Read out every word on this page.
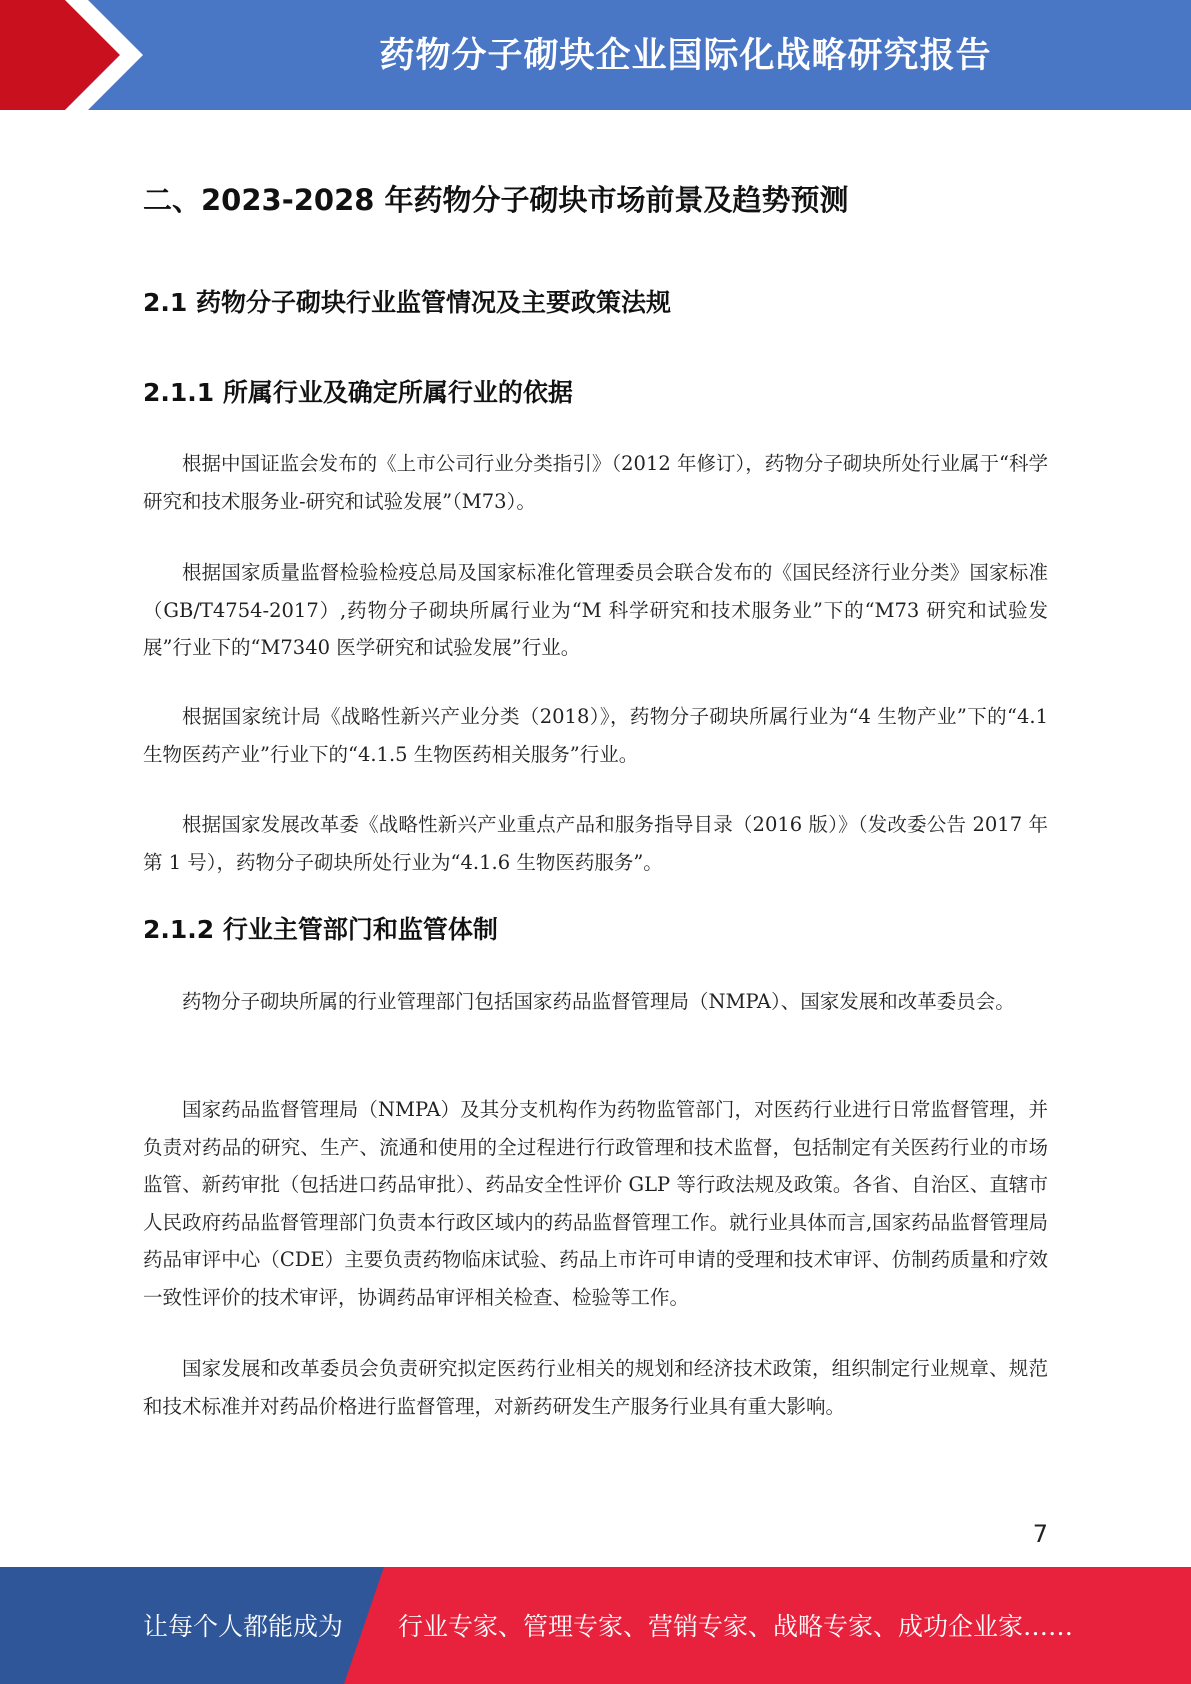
药物分子砌块企业国际化战略研究报告
二、2023-2028 年药物分子砌块市场前景及趋势预测
2.1 药物分子砌块行业监管情况及主要政策法规
2.1.1 所属行业及确定所属行业的依据
根据中国证监会发布的《上市公司行业分类指引》（2012 年修订），药物分子砌块所处行业属于“科学研究和技术服务业-研究和试验发展”（M73）。
根据国家质量监督检验检疫总局及国家标准化管理委员会联合发布的《国民经济行业分类》国家标准（GB/T4754-2017）,药物分子砌块所属行业为“M 科学研究和技术服务业”下的“M73 研究和试验发展”行业下的“M7340 医学研究和试验发展”行业。
根据国家统计局《战略性新兴产业分类（2018）》，药物分子砌块所属行业为“4 生物产业”下的“4.1 生物医药产业”行业下的“4.1.5 生物医药相关服务”行业。
根据国家发展改革委《战略性新兴产业重点产品和服务指导目录（2016 版）》（发改委公告 2017 年第 1 号），药物分子砌块所处行业为“4.1.6 生物医药服务”。
2.1.2 行业主管部门和监管体制
药物分子砌块所属的行业管理部门包括国家药品监督管理局（NMPA）、国家发展和改革委员会。
国家药品监督管理局（NMPA）及其分支机构作为药物监管部门，对医药行业进行日常监督管理，并负责对药品的研究、生产、流通和使用的全过程进行行政管理和技术监督，包括制定有关医药行业的市场监管、新药审批（包括进口药品审批）、药品安全性评价 GLP 等行政法规及政策。各省、自治区、直辖市人民政府药品监督管理部门负责本行政区域内的药品监督管理工作。就行业具体而言,国家药品监督管理局药品审评中心（CDE）主要负责药物临床试验、药品上市许可申请的受理和技术审评、仿制药质量和疗效一致性评价的技术审评，协调药品审评相关检查、检验等工作。
国家发展和改革委员会负责研究拟定医药行业相关的规划和经济技术政策，组织制定行业规章、规范和技术标准并对药品价格进行监督管理，对新药研发生产服务行业具有重大影响。
7
让每个人都能成为 行业专家、管理专家、营销专家、战略专家、成功企业家……
